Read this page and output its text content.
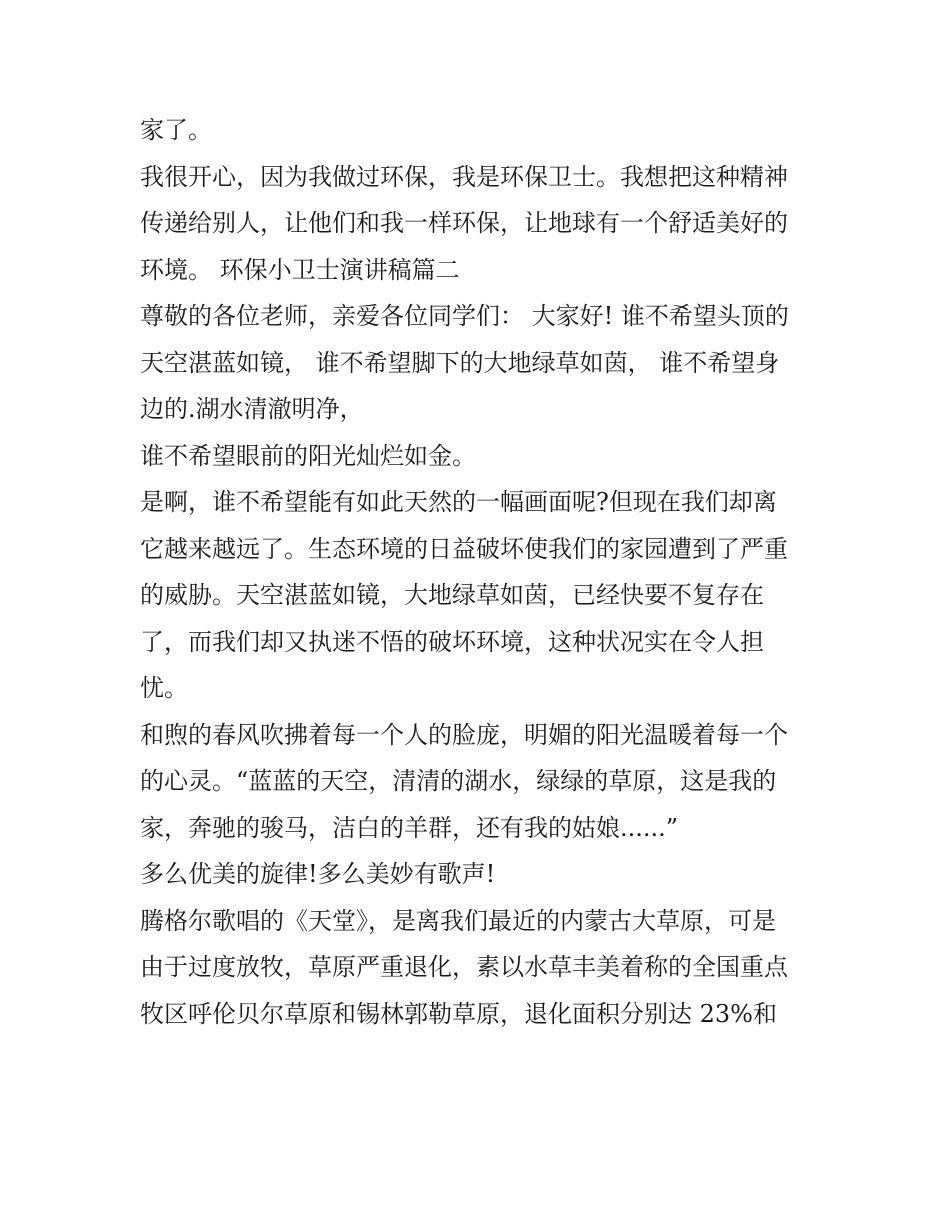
家了。
我很开心，因为我做过环保，我是环保卫士。我想把这种精神
传递给别人，让他们和我一样环保，让地球有一个舒适美好的
环境。 环保小卫士演讲稿篇二
尊敬的各位老师，亲爱各位同学们： 大家好! 谁不希望头顶的
天空湛蓝如镜， 谁不希望脚下的大地绿草如茵， 谁不希望身
边的.湖水清澈明净，
谁不希望眼前的阳光灿烂如金。
是啊，谁不希望能有如此天然的一幅画面呢?但现在我们却离
它越来越远了。生态环境的日益破坏使我们的家园遭到了严重
的威胁。天空湛蓝如镜，大地绿草如茵，已经快要不复存在
了，而我们却又执迷不悟的破坏环境，这种状况实在令人担
忧。
和煦的春风吹拂着每一个人的脸庞，明媚的阳光温暖着每一个
的心灵。“蓝蓝的天空，清清的湖水，绿绿的草原，这是我的
家，奔驰的骏马，洁白的羊群，还有我的姑娘......”
多么优美的旋律!多么美妙有歌声!
腾格尔歌唱的《天堂》，是离我们最近的内蒙古大草原，可是
由于过度放牧，草原严重退化，素以水草丰美着称的全国重点
牧区呼伦贝尔草原和锡林郭勒草原，退化面积分别达 23%和
